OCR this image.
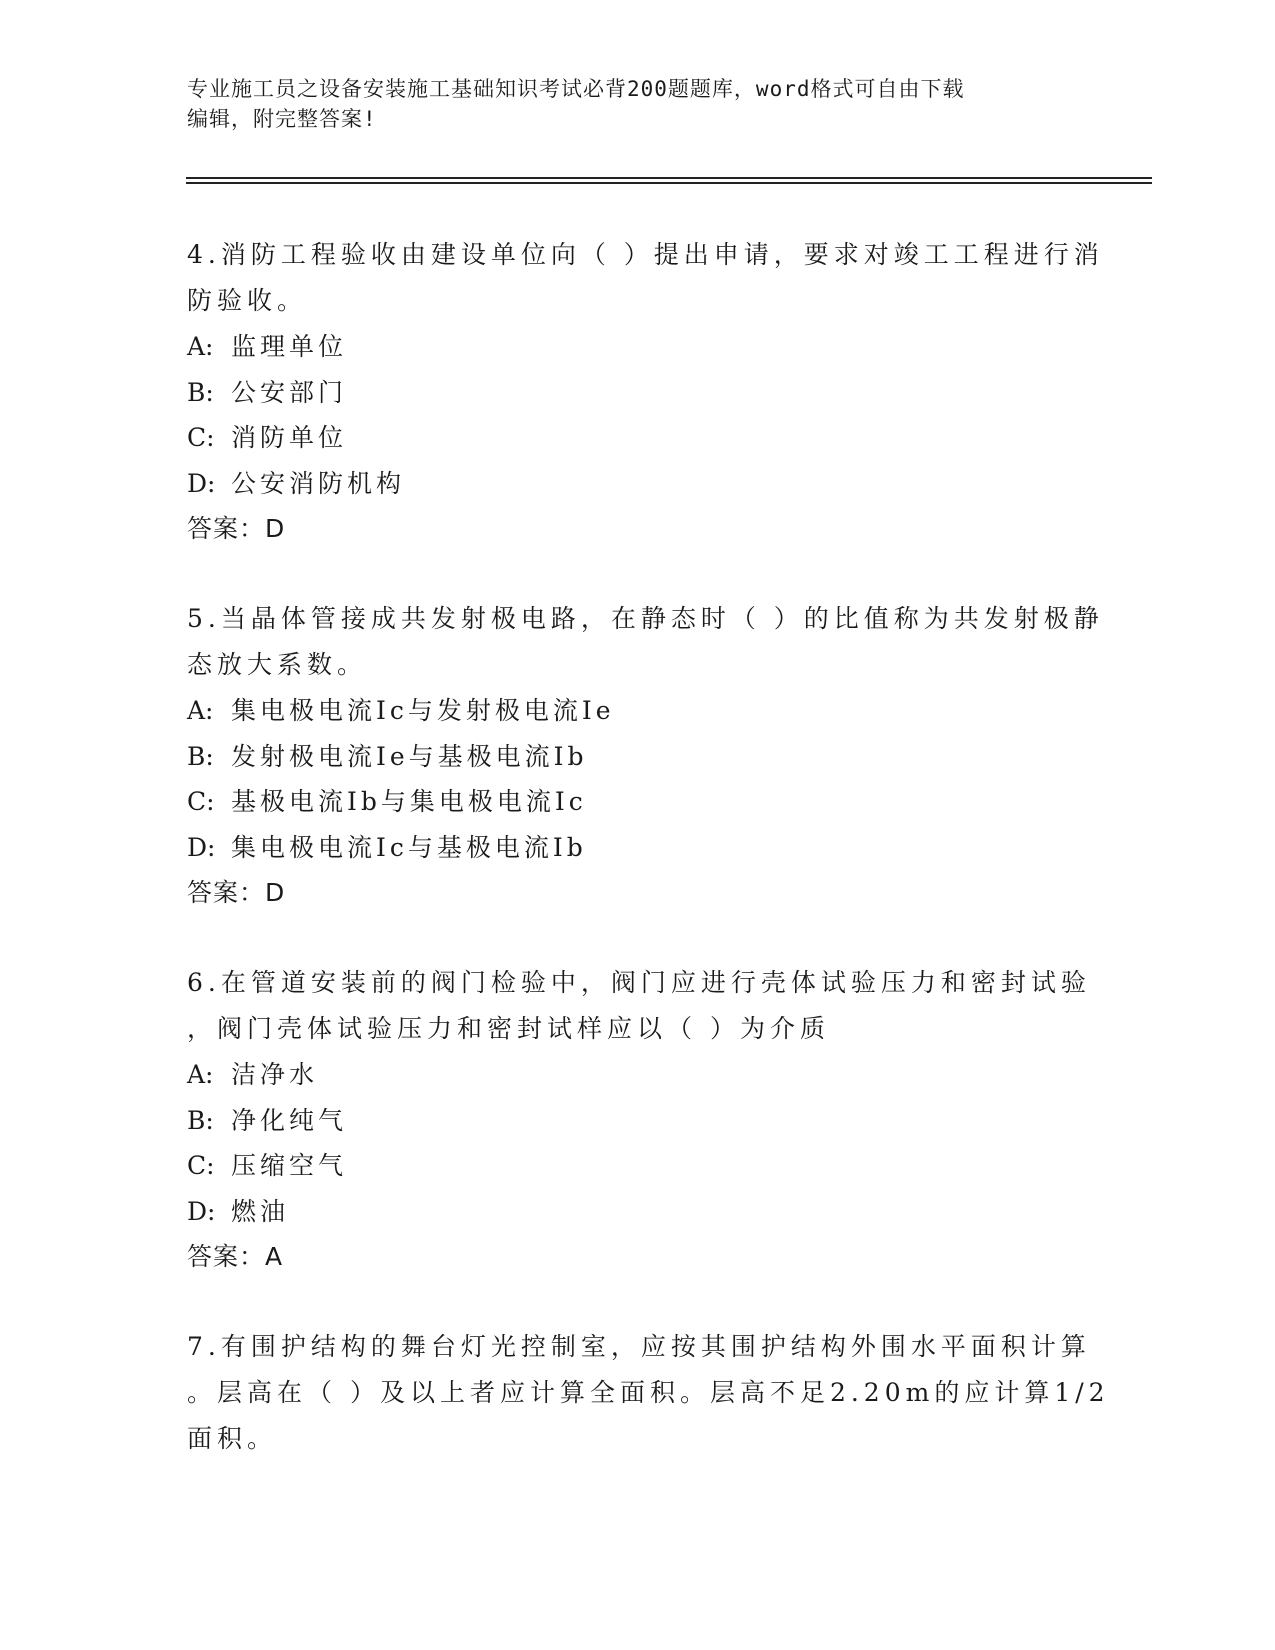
专业施工员之设备安装施工基础知识考试必背200题题库，word格式可自由下载
编辑，附完整答案!
4.消防工程验收由建设单位向（ ）提出申请，要求对竣工工程进行消
防验收。
A: 监理单位
B: 公安部门
C: 消防单位
D: 公安消防机构
答案：D
5.当晶体管接成共发射极电路，在静态时（ ）的比值称为共发射极静
态放大系数。
A: 集电极电流Ic与发射极电流Ie
B: 发射极电流Ie与基极电流Ib
C: 基极电流Ib与集电极电流Ic
D: 集电极电流Ic与基极电流Ib
答案：D
6.在管道安装前的阀门检验中，阀门应进行壳体试验压力和密封试验
，阀门壳体试验压力和密封试样应以（ ）为介质
A: 洁净水
B: 净化纯气
C: 压缩空气
D: 燃油
答案：A
7.有围护结构的舞台灯光控制室，应按其围护结构外围水平面积计算
。层高在（ ）及以上者应计算全面积。层高不足2.20m的应计算1/2
面积。
